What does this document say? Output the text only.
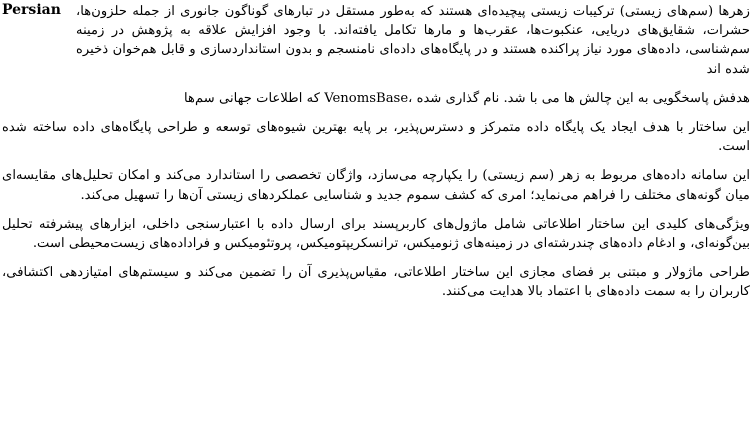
Persian	زهرها (سم‌های زیستی) ترکیبات زیستی پیچیده‌ای هستند که به‌طور مستقل در تبارهای گوناگون جانوری از جمله حلزون‌ها، حشرات، شقایق‌های دریایی، عنکبوت‌ها، عقرب‌ها و مارها تکامل یافته‌اند. با وجود افزایش علاقه به پژوهش در زمینه سم‌شناسی، داده‌های مورد نیاز پراکنده هستند و در پایگاه‌های داده‌ای نامنسجم و بدون استانداردسازی و قابل هم‌خوان ذخیره شده اند

هدفش پاسخگویی به این چالش ها می با شد. نام گذاری شده ،VenomsBase که اطلاعات جهانی سم‌ها

این ساختار با هدف ایجاد یک پایگاه داده متمرکز و دسترس‌پذیر، بر پایه بهترین شیوه‌های توسعه و طراحی پایگاه‌های داده ساخته شده است.

این سامانه داده‌های مربوط به زهر (سم زیستی) را یکپارچه می‌سازد، واژگان تخصصی را استاندارد می‌کند و امکان تحلیل‌های مقایسه‌ای میان گونه‌های مختلف را فراهم می‌نماید؛ امری که کشف سموم جدید و شناسایی عملکردهای زیستی آن‌ها را تسهیل می‌کند.

ویژگی‌های کلیدی این ساختار اطلاعاتی شامل ماژول‌های کاربرپسند برای ارسال داده با اعتبارسنجی داخلی، ابزارهای پیشرفته تحلیل بین‌گونه‌ای، و ادغام داده‌های چندرشته‌ای در زمینه‌های ژنومیکس، ترانسکریپتومیکس، پروتئومیکس و فراداده‌های زیست‌محیطی است.

طراحی ماژولار و مبتنی بر فضای مجازی این ساختار اطلاعاتی، مقیاس‌پذیری آن را تضمین می‌کند و سیستم‌های امتیازدهی اکتشافی، کاربران را به سمت داده‌های با اعتماد بالا هدایت می‌کنند.
